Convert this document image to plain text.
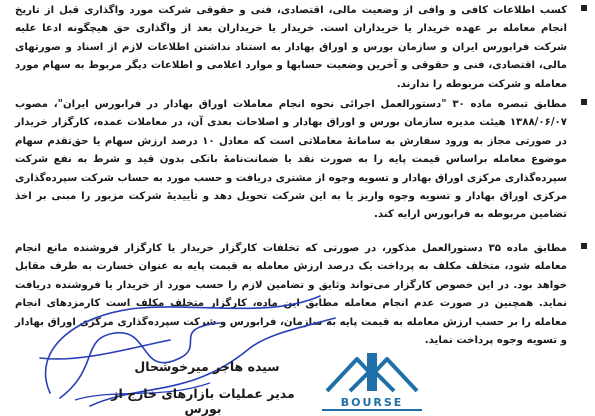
کسب اطلاعات کافی و وافی از وضعیت مالی، اقتصادی، فنی و حقوقی شرکت مورد واگذاری قبل از تاریخ انجام معامله بر عهده خریدار یا خریداران است. خریدار یا خریداران بعد از واگذاری حق هیچگونه ادعا علیه شرکت فرابورس ایران و سازمان بورس و اوراق بهادار به استناد نداشتن اطلاعات لازم از اسناد و صورتهای مالی، اقتصادی، فنی و حقوقی و آخرین وضعیت حسابها و موارد اعلامی و اطلاعات دیگر مربوط به سهام مورد معامله و شرکت مربوطه را ندارند.

مطابق تبصره ماده ۳۰ "دستورالعمل اجرائی نحوه انجام معاملات اوراق بهادار در فرابورس ایران"، مصوب ۱۳۸۸/۰۶/۰۷ هیئت مدیره سازمان بورس و اوراق بهادار و اصلاحات بعدی آن، در معاملات عمده، کارگزار خریدار در صورتی مجاز به ورود سفارش به سامانهٔ معاملاتی است که معادل ۱۰ درصد ارزش سهام یا حق‌تقدم سهام موضوع معامله براساس قیمت پایه را به صورت نقد یا ضمانت‌نامهٔ بانکی بدون قید و شرط به نفع شرکت سپرده‌گذاری مرکزی اوراق بهادار و تسویه وجوه از مشتری دریافت و حسب مورد به حساب شرکت سپرده‌گذاری مرکزی اوراق بهادار و تسویه وجوه واریز یا به این شرکت تحویل دهد و تأییدیهٔ شرکت مزبور را مبنی بر اخذ تضامین مربوطه به فرابورس ارایه کند.

مطابق ماده ۳۵ دستورالعمل مذکور، در صورتی که تخلفات کارگزار خریدار یا کارگزار فروشنده مانع انجام معامله شود، متخلف مکلف به پرداخت یک درصد ارزش معامله به قیمت پایه به عنوان خسارت به طرف مقابل خواهد بود. در این خصوص کارگزار می‌تواند وثایق و تضامین لازم را حسب مورد از خریدار یا فروشنده دریافت نماید. همچنین در صورت عدم انجام معامله مطابق این ماده، کارگزار متخلف مکلف است کارمزدهای انجام معامله را بر حسب ارزش معامله به قیمت پایه به سازمان، فرابورس و شرکت سپرده‌گذاری مرکزی اوراق بهادار و تسویه وجوه پرداخت نماید.

سیده هاجر میرخوشحال
مدیر عملیات بازارهای خارج از بورس	BOURSE
